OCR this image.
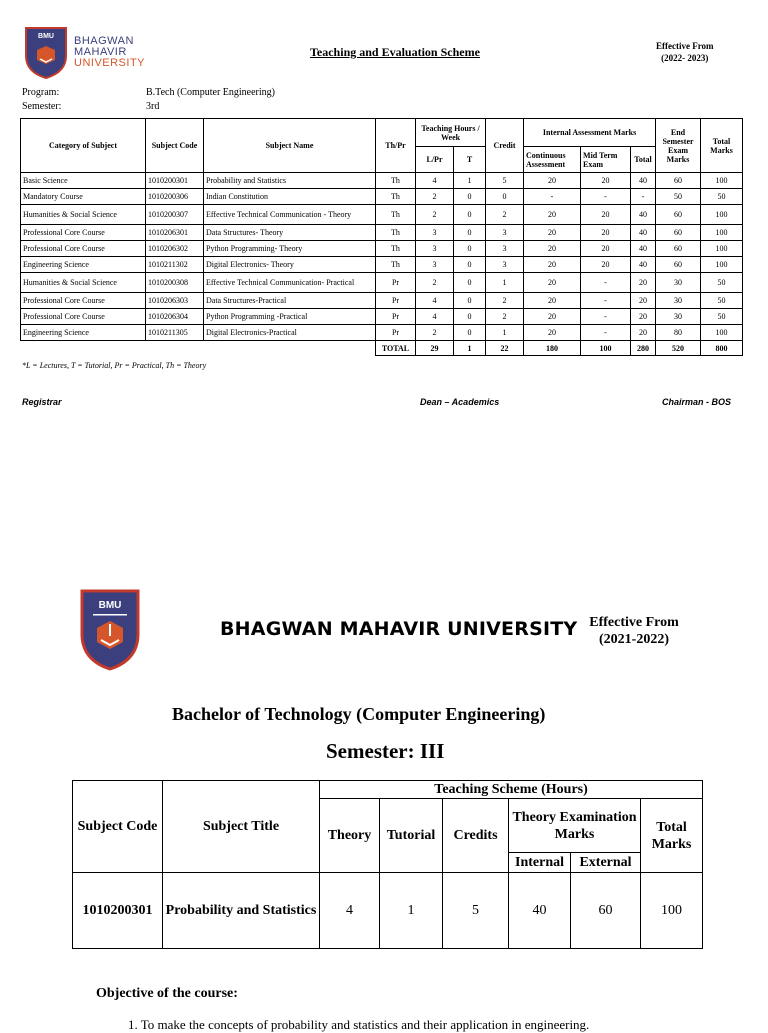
BMU BHAGWAN
MAHAVIR
UNIVERSITY
Teaching and Evaluation Scheme	Effective From
(2022- 2023)
Program:	B.Tech (Computer Engineering)
Semester:	3rd
Category of Subject	Subject Code	Subject Name	Th/Pr	Teaching Hours / Week		Credit	Internal Assessment Marks			End Semester Exam Marks	Total Marks
				L/Pr	T		Continuous Assessment	Mid Term Exam	Total		
Basic Science	1010200301	Probability and Statistics	Th	4	1	5	20	20	40	60	100
Mandatory Course	1010200306	Indian Constitution	Th	2	0	0	-	-	-	50	50
Humanities & Social Science	1010200307	Effective Technical Communication - Theory	Th	2	0	2	20	20	40	60	100
Professional Core Course	1010206301	Data Structures- Theory	Th	3	0	3	20	20	40	60	100
Professional Core Course	1010206302	Python Programming- Theory	Th	3	0	3	20	20	40	60	100
Engineering Science	1010211302	Digital Electronics- Theory	Th	3	0	3	20	20	40	60	100
Humanities & Social Science	1010200308	Effective Technical Communication- Practical	Pr	2	0	1	20	-	20	30	50
Professional Core Course	1010206303	Data Structures-Practical	Pr	4	0	2	20	-	20	30	50
Professional Core Course	1010206304	Python Programming -Practical	Pr	4	0	2	20	-	20	30	50
Engineering Science	1010211305	Digital Electronics-Practical	Pr	2	0	1	20	-	20	80	100
			TOTAL	29	1	22	180	100	280	520	800
*L = Lectures, T = Tutorial, Pr = Practical, Th = Theory
Registrar	Dean – Academics	Chairman - BOS
BMU
BHAGWAN MAHAVIR UNIVERSITY Effective From
(2021-2022)
Bachelor of Technology (Computer Engineering)
Semester: III
Subject Code	Subject Title	Teaching Scheme (Hours)					
		Theory	Tutorial	Credits	Theory Examination Marks		Total Marks
					Internal	External	
1010200301	Probability and Statistics	4	1	5	40	60	100
Objective of the course:
1. To make the concepts of probability and statistics and their application in engineering.
